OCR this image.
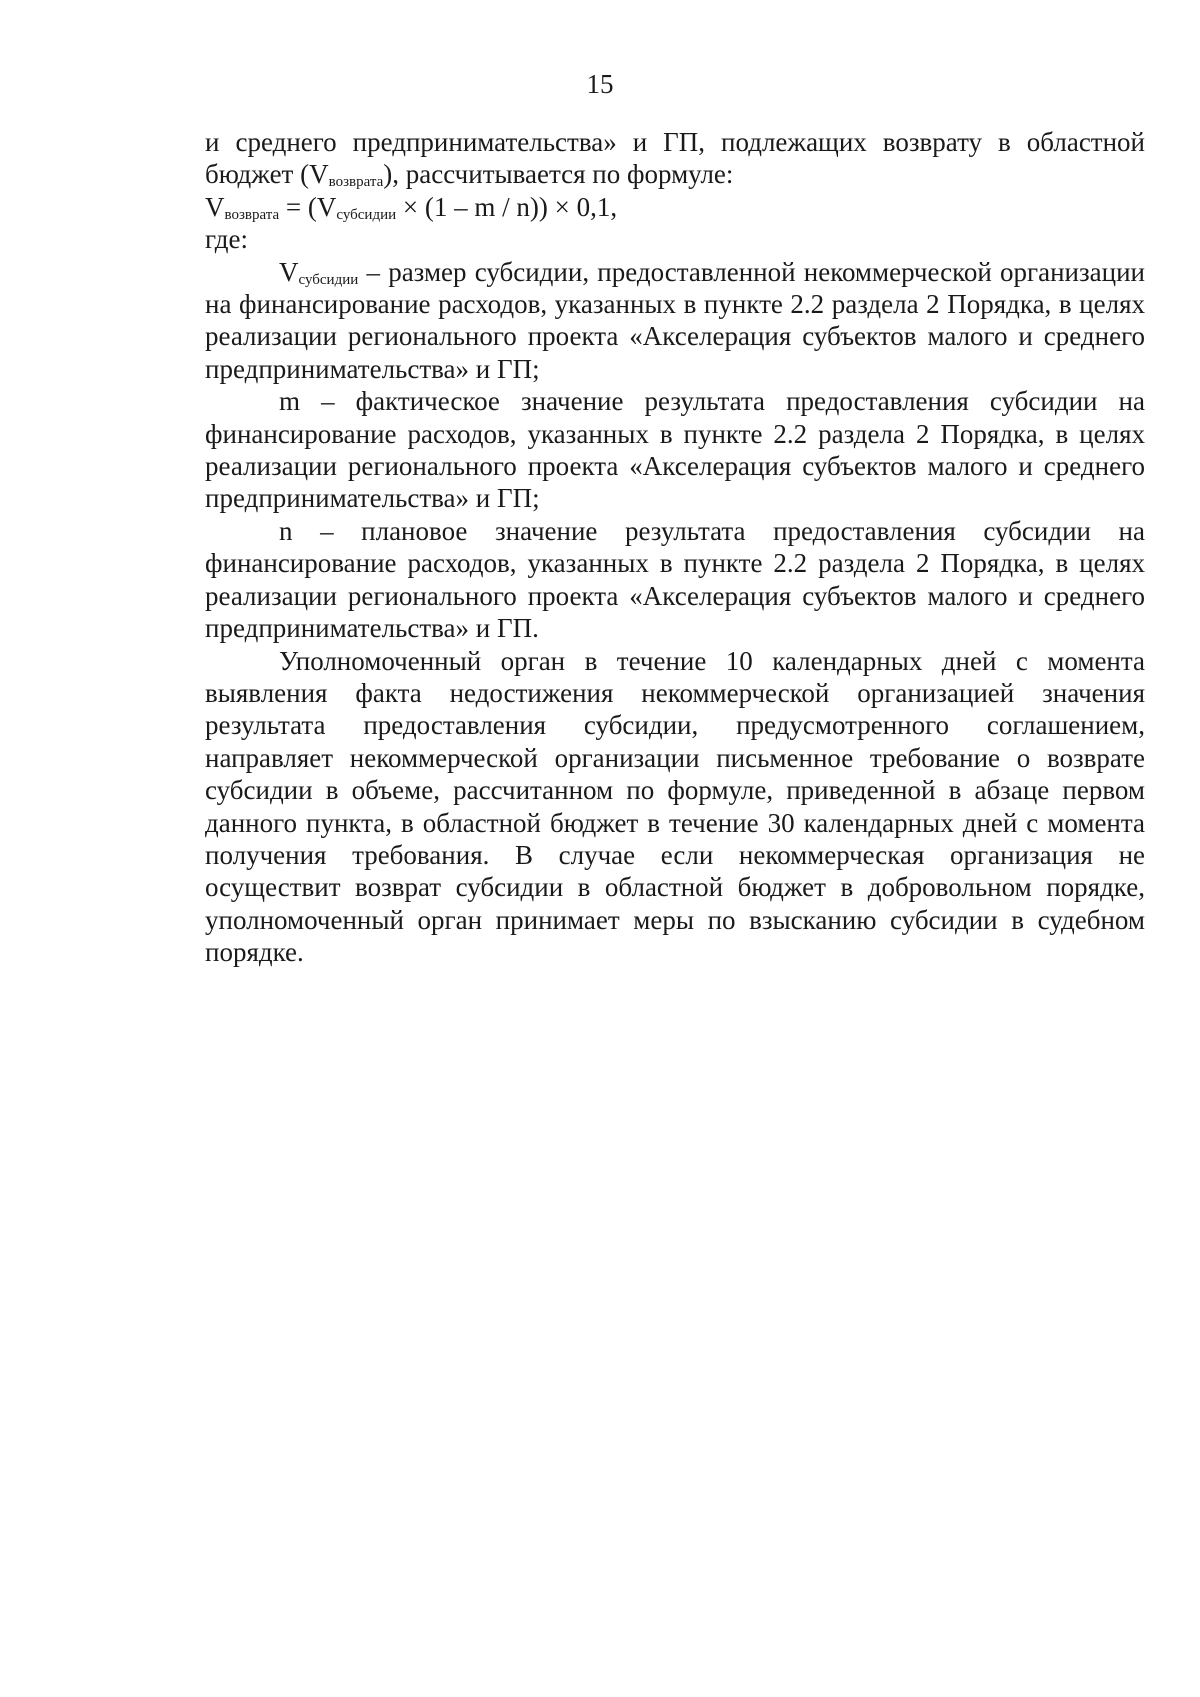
15

и среднего предпринимательства» и ГП, подлежащих возврату в областной бюджет $(V_{возврата})$, рассчитывается по формуле:

$V_{возврата} = (V_{субсидии} \times (1 - m / n)) \times 0,1$,

где:

$V_{субсидии}$ – размер субсидии, предоставленной некоммерческой организации на финансирование расходов, указанных в пункте 2.2 раздела 2 Порядка, в целях реализации регионального проекта «Акселерация субъектов малого и среднего предпринимательства» и ГП;

m – фактическое значение результата предоставления субсидии на финансирование расходов, указанных в пункте 2.2 раздела 2 Порядка, в целях реализации регионального проекта «Акселерация субъектов малого и среднего предпринимательства» и ГП;

n – плановое значение результата предоставления субсидии на финансирование расходов, указанных в пункте 2.2 раздела 2 Порядка, в целях реализации регионального проекта «Акселерация субъектов малого и среднего предпринимательства» и ГП.

Уполномоченный орган в течение 10 календарных дней с момента выявления факта недостижения некоммерческой организацией значения результата предоставления субсидии, предусмотренного соглашением, направляет некоммерческой организации письменное требование о возврате субсидии в объеме, рассчитанном по формуле, приведенной в абзаце первом данного пункта, в областной бюджет в течение 30 календарных дней с момента получения требования. В случае если некоммерческая организация не осуществит возврат субсидии в областной бюджет в добровольном порядке, уполномоченный орган принимает меры по взысканию субсидии в судебном порядке.
